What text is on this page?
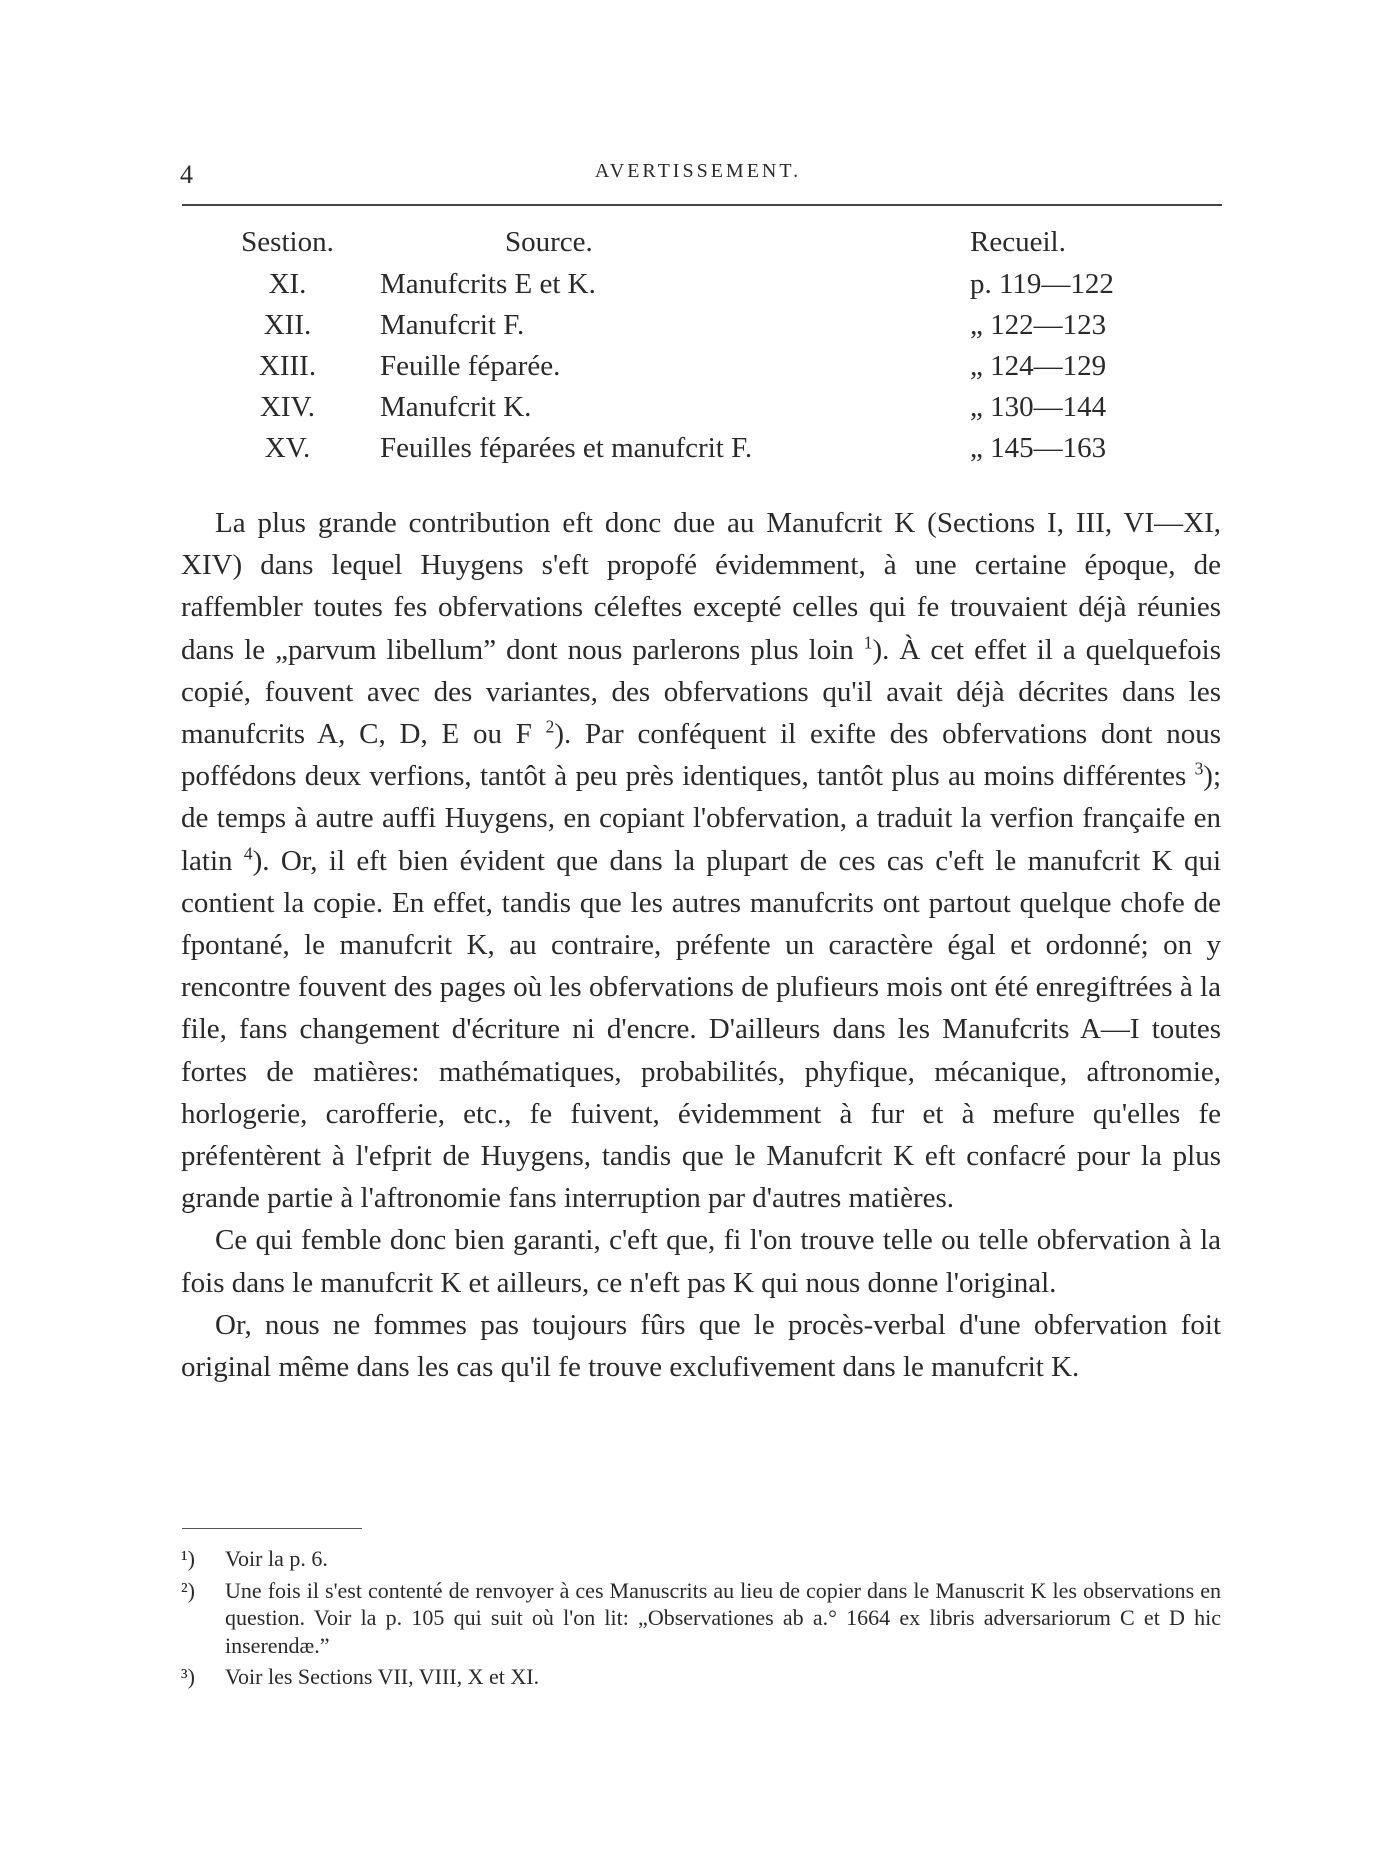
4	AVERTISSEMENT.
Sestion.	Source.	Recueil.
XI.	Manufcrits E et K.	p. 119—122
XII.	Manufcrit F.	„ 122—123
XIII.	Feuille féparée.	„ 124—129
XIV.	Manufcrit K.	„ 130—144
XV.	Feuilles féparées et manufcrit F.	„ 145—163

La plus grande contribution eft donc due au Manufcrit K (Sections I, III, VI—XI, XIV) dans lequel Huygens s'eft propofé évidemment, à une certaine époque, de raffembler toutes fes obfervations céleftes excepté celles qui fe trouvaient déjà réunies dans le „parvum libellum” dont nous parlerons plus loin $^1$). À cet effet il a quelquefois copié, fouvent avec des variantes, des obfervations qu'il avait déjà décrites dans les manufcrits A, C, D, E ou F $^2$). Par conféquent il exifte des obfervations dont nous poffédons deux verfions, tantôt à peu près identiques, tantôt plus au moins différentes $^3$); de temps à autre auffi Huygens, en copiant l'obfervation, a traduit la verfion françaife en latin $^4$). Or, il eft bien évident que dans la plupart de ces cas c'eft le manufcrit K qui contient la copie. En effet, tandis que les autres manufcrits ont partout quelque chofe de fpontané, le manufcrit K, au contraire, préfente un caractère égal et ordonné; on y rencontre fouvent des pages où les obfervations de plufieurs mois ont été enregiftrées à la file, fans changement d'écriture ni d'encre. D'ailleurs dans les Manufcrits A—I toutes fortes de matières: mathématiques, probabilités, phyfique, mécanique, aftronomie, horlogerie, carofferie, etc., fe fuivent, évidemment à fur et à mefure qu'elles fe préfentèrent à l'efprit de Huygens, tandis que le Manufcrit K eft confacré pour la plus grande partie à l'aftronomie fans interruption par d'autres matières.

Ce qui femble donc bien garanti, c'eft que, fi l'on trouve telle ou telle obfervation à la fois dans le manufcrit K et ailleurs, ce n'eft pas K qui nous donne l'original.

Or, nous ne fommes pas toujours fûrs que le procès-verbal d'une obfervation foit original même dans les cas qu'il fe trouve exclufivement dans le manufcrit K.

¹)	Voir la p. 6.
²)	Une fois il s'est contenté de renvoyer à ces Manuscrits au lieu de copier dans le Manuscrit K les observations en question. Voir la p. 105 qui suit où l'on lit: „Observationes ab a.° 1664 ex libris adversariorum C et D hic inserendæ.”
³)	Voir les Sections VII, VIII, X et XI.
